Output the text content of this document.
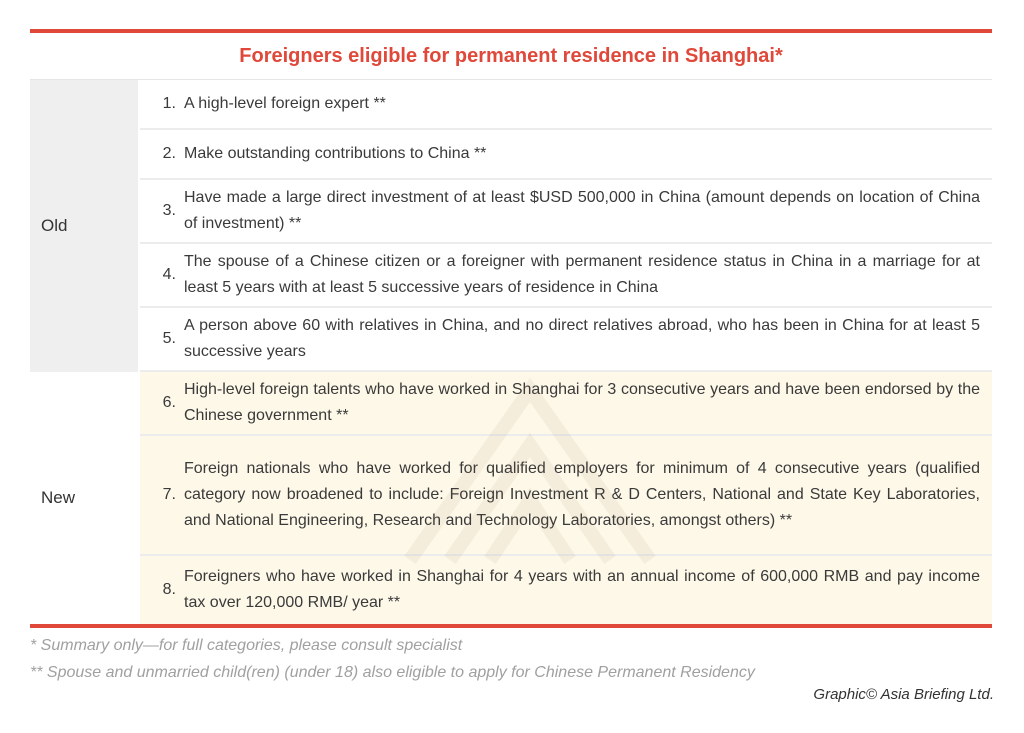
Foreigners eligible for permanent residence in Shanghai*
Old
1. A high-level foreign expert **
2. Make outstanding contributions to China **
3.
Have made a large direct investment of at least $USD 500,000 in China (amount depends on location of China of investment) **
4.
The spouse of a Chinese citizen or a foreigner with permanent residence status in China in a marriage for at least 5 years with at least 5 successive years of residence in China
5.
A person above 60 with relatives in China, and no direct relatives abroad, who has been in China for at least 5 successive years
New
6.
High-level foreign talents who have worked in Shanghai for 3 consecutive years and have been endorsed by the Chinese government **
7.
Foreign nationals who have worked for qualified employers for minimum of 4 consecutive years (qualified category now broadened to include: Foreign Investment R & D Centers, National and State Key Laboratories, and National Engineering, Research and Technology Laboratories, amongst others) **
8.
Foreigners who have worked in Shanghai for 4 years with an annual income of 600,000 RMB and pay income tax over 120,000 RMB/ year **
* Summary only—for full categories, please consult specialist
** Spouse and unmarried child(ren) (under 18) also eligible to apply for Chinese Permanent Residency
Graphic© Asia Briefing Ltd.
